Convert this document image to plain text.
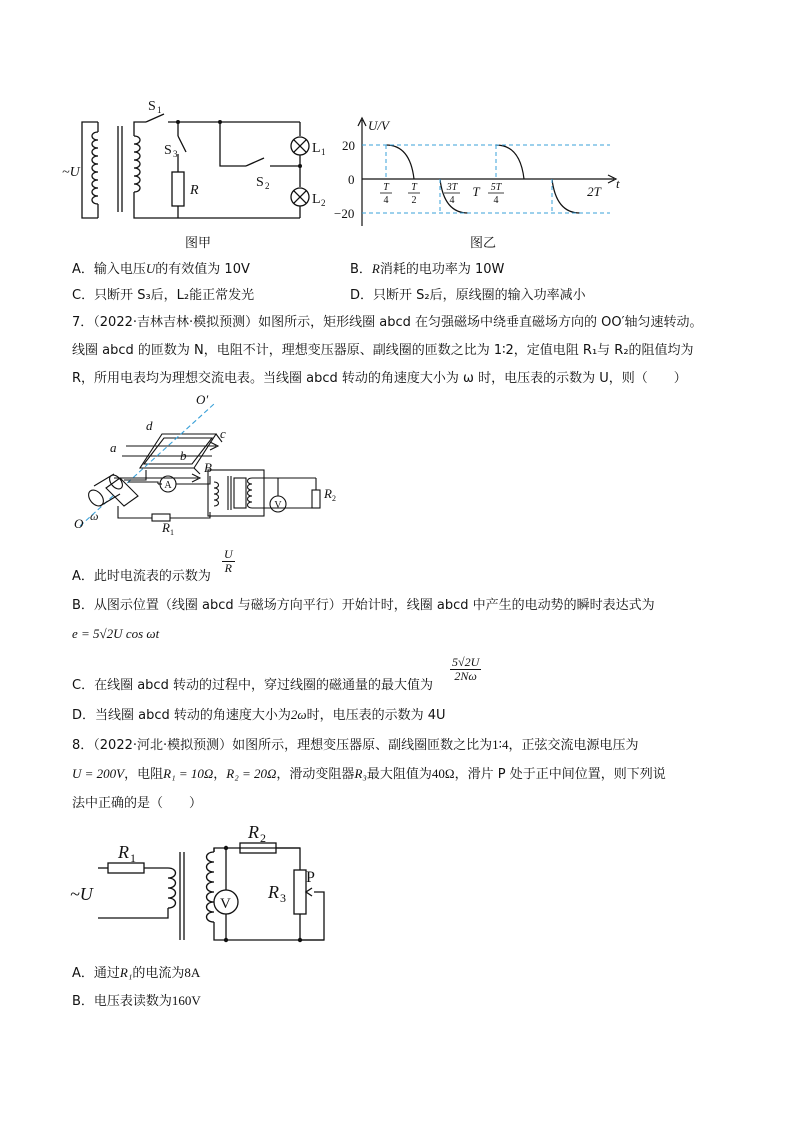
~U
S 1
S 3
R
S 2
L 1
L 2
图甲
U/V
t
20
0
−20
T
4
T
2
3T
4
T 5T
4
2T
图乙
A．输入电压U的有效值为 10V	B．R消耗的电功率为 10W
C．只断开 S₃后，L₂能正常发光	D．只断开 S₂后，原线圈的输入功率减小
7．（2022·吉林吉林·模拟预测）如图所示，矩形线圈 abcd 在匀强磁场中绕垂直磁场方向的 OO′轴匀速转动。
线圈 abcd 的匝数为 N，电阻不计，理想变压器原、副线圈的匝数之比为 1∶2，定值电阻 R₁与 R₂的阻值均为
R，所用电表均为理想交流电表。当线圈 abcd 转动的角速度大小为 ω 时，电压表的示数为 U，则（　　）
O′
d
c
a
b
B
O ω
R 1
R 2
A
V
A．此时电流表的示数为
$\frac{U}{R}$
B．从图示位置（线圈 abcd 与磁场方向平行）开始计时，线圈 abcd 中产生的电动势的瞬时表达式为
e = 5√2U cos ωt
C．在线圈 abcd 转动的过程中，穿过线圈的磁通量的最大值为
$\frac{5√2U}{2N\omega}$
D．当线圈 abcd 转动的角速度大小为2ω时，电压表的示数为 4U
8．（2022·河北·模拟预测）如图所示，理想变压器原、副线圈匝数之比为1∶4，正弦交流电源电压为
U = 200V，电阻R₁ = 10Ω，R₂ = 20Ω，滑动变阻器R₃最大阻值为40Ω，滑片 P 处于正中间位置，则下列说
法中正确的是（　　）
R 1
R 2
R 3
~U
P
V
A．通过R₁的电流为8A
B．电压表读数为160V
